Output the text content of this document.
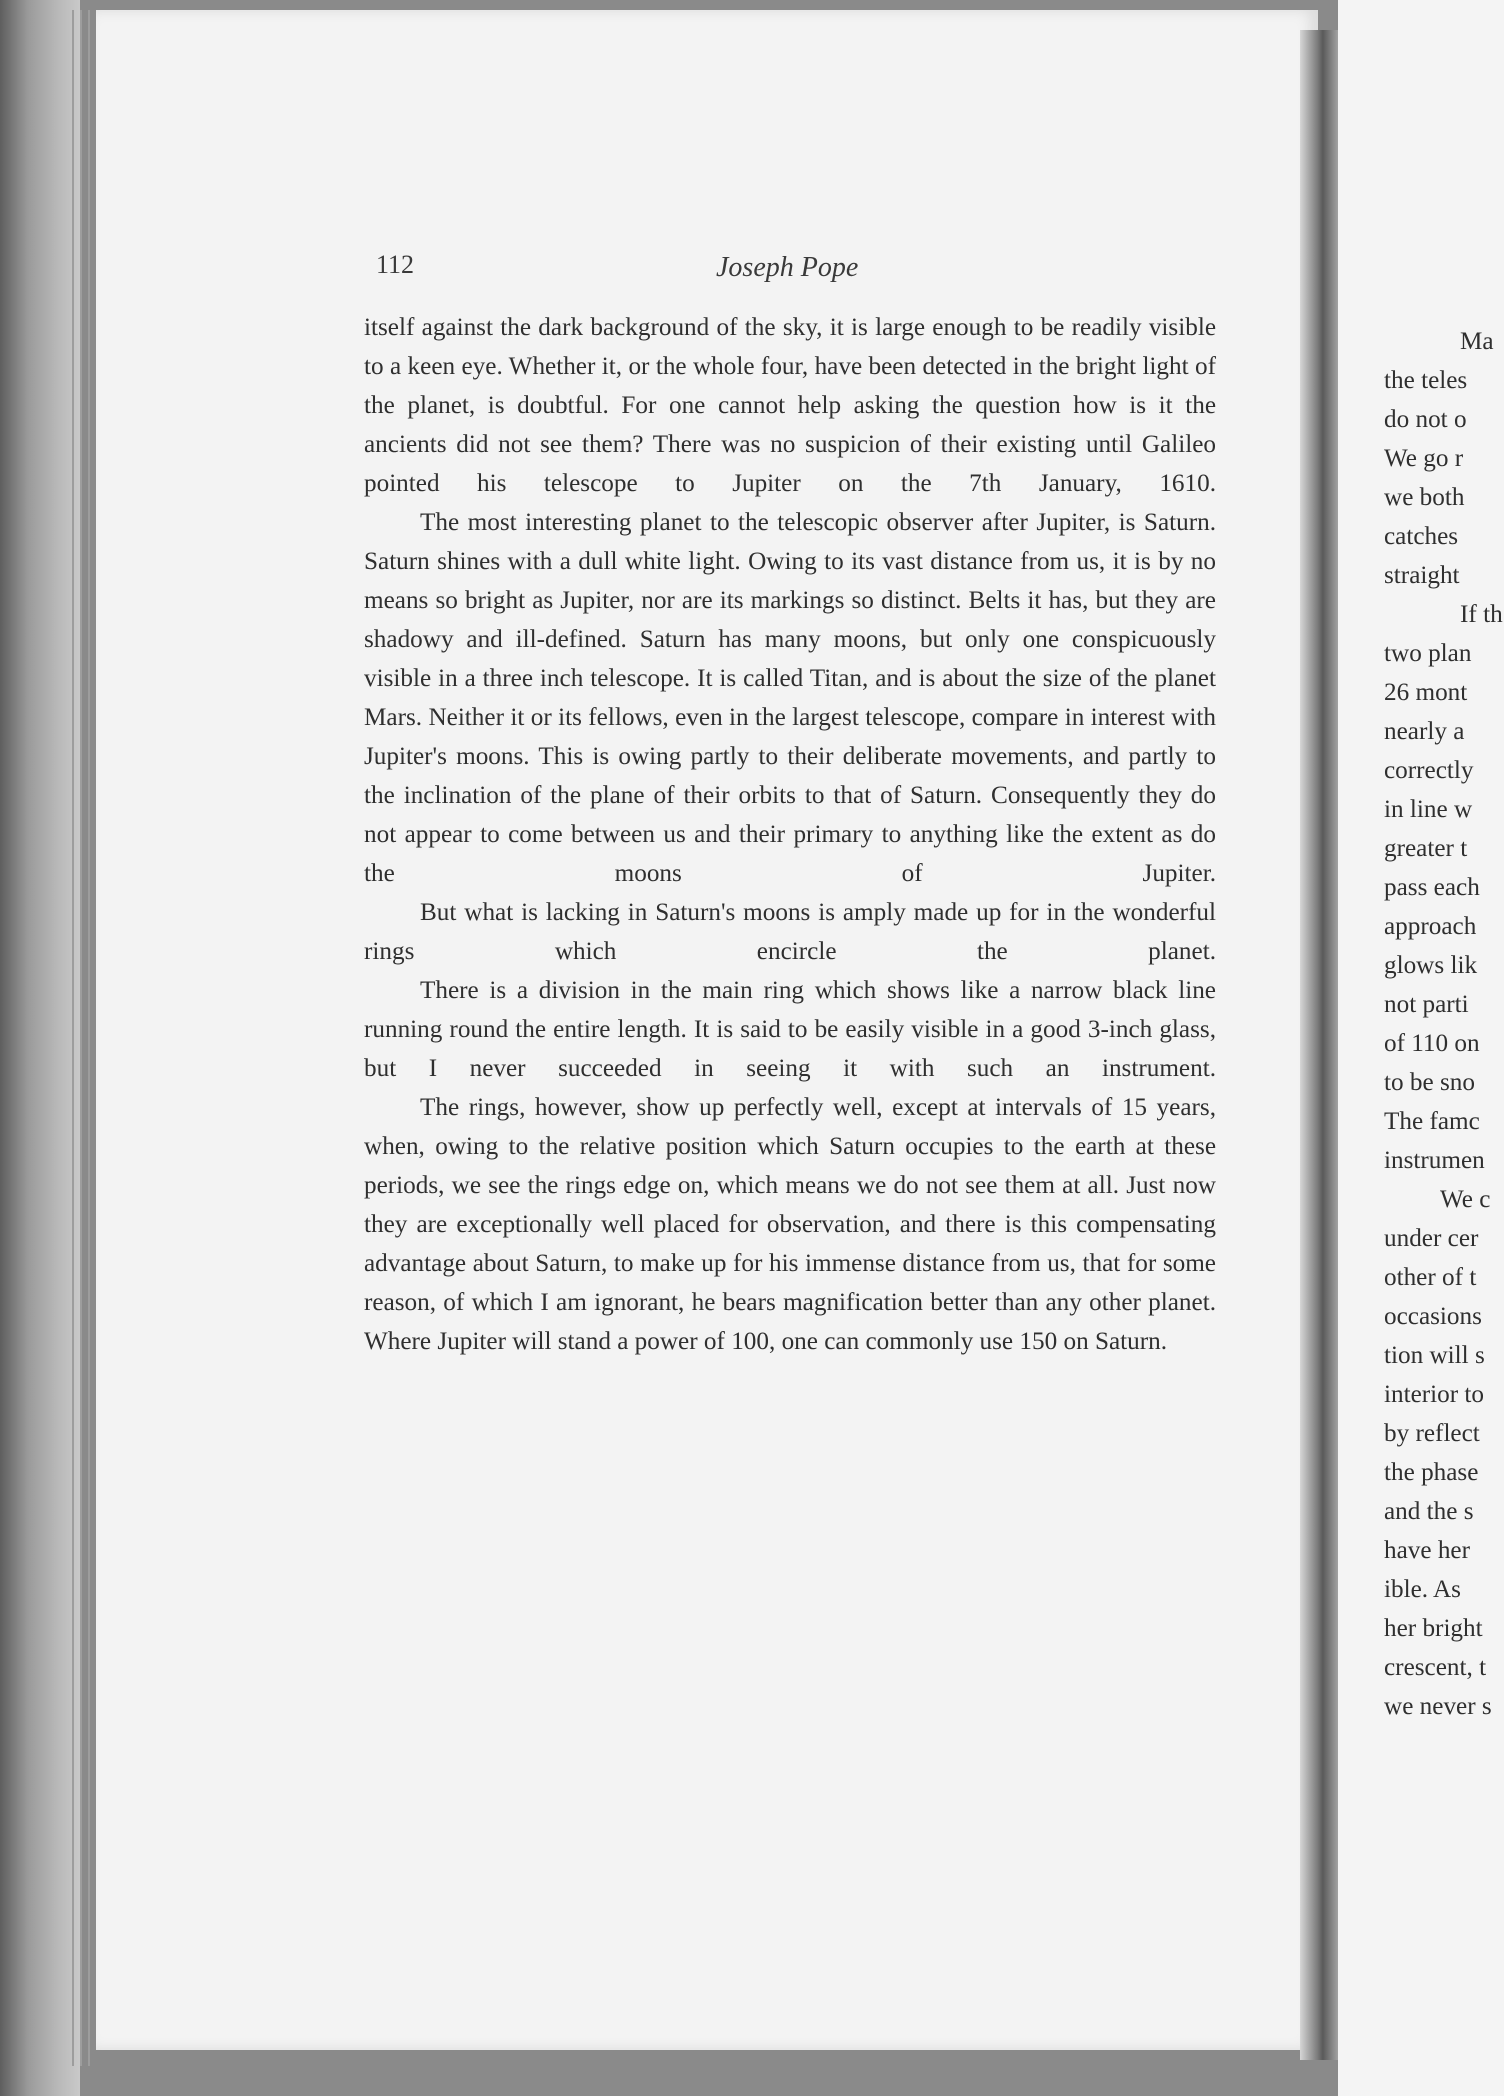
112	Joseph Pope

itself against the dark background of the sky, it is large enough to be readily visible to a keen eye. Whether it, or the whole four, have been detected in the bright light of the planet, is doubtful. For one cannot help asking the question how is it the ancients did not see them? There was no suspicion of their existing until Galileo pointed his telescope to Jupiter on the 7th January, 1610.

The most interesting planet to the telescopic observer after Jupiter, is Saturn. Saturn shines with a dull white light. Owing to its vast distance from us, it is by no means so bright as Jupiter, nor are its markings so distinct. Belts it has, but they are shadowy and ill-defined. Saturn has many moons, but only one conspicuously visible in a three inch telescope. It is called Titan, and is about the size of the planet Mars. Neither it or its fellows, even in the largest telescope, compare in interest with Jupiter's moons. This is owing partly to their deliberate movements, and partly to the inclination of the plane of their orbits to that of Saturn. Consequently they do not appear to come between us and their primary to anything like the extent as do the moons of Jupiter.

But what is lacking in Saturn's moons is amply made up for in the wonderful rings which encircle the planet.

There is a division in the main ring which shows like a narrow black line running round the entire length. It is said to be easily visible in a good 3-inch glass, but I never succeeded in seeing it with such an instrument.

The rings, however, show up perfectly well, except at intervals of 15 years, when, owing to the relative position which Saturn occupies to the earth at these periods, we see the rings edge on, which means we do not see them at all. Just now they are exceptionally well placed for observation, and there is this compensating advantage about Saturn, to make up for his immense distance from us, that for some reason, of which I am ignorant, he bears magnification better than any other planet. Where Jupiter will stand a power of 100, one can commonly use 150 on Saturn.

Ma
the teles
do not o
We go r
we both
catches
straight
If th
two plan
26 mont
nearly a
correctly
in line w
greater t
pass each
approach
glows lik
not parti
of 110 on
to be sno
The famc
instrumen
We c
under cer
other of t
occasions
tion will s
interior to
by reflect
the phase
and the s
have her
ible. As
her bright
crescent, t
we never s
